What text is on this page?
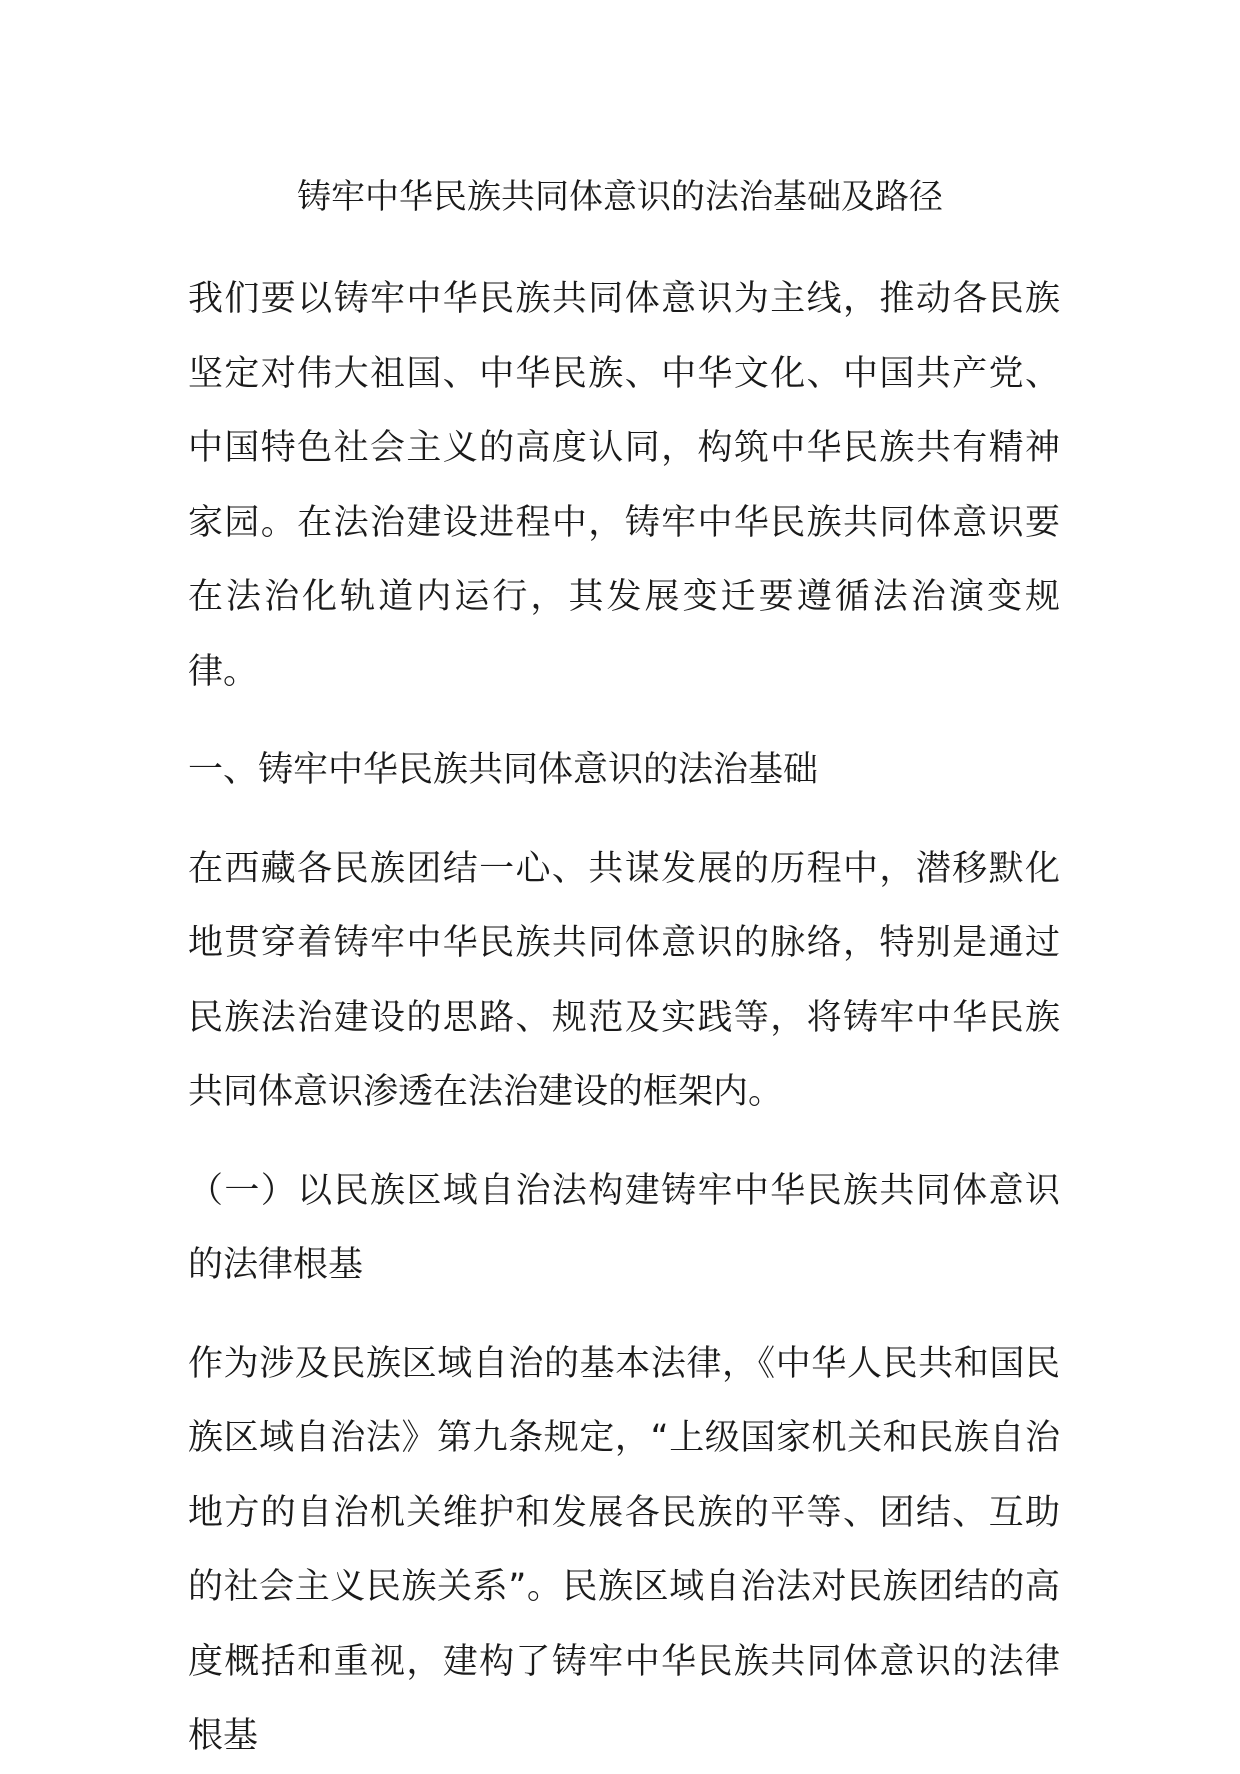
铸牢中华民族共同体意识的法治基础及路径

我们要以铸牢中华民族共同体意识为主线，推动各民族坚定对伟大祖国、中华民族、中华文化、中国共产党、中国特色社会主义的高度认同，构筑中华民族共有精神家园。在法治建设进程中，铸牢中华民族共同体意识要在法治化轨道内运行，其发展变迁要遵循法治演变规律。

一、铸牢中华民族共同体意识的法治基础

在西藏各民族团结一心、共谋发展的历程中，潜移默化地贯穿着铸牢中华民族共同体意识的脉络，特别是通过民族法治建设的思路、规范及实践等，将铸牢中华民族共同体意识渗透在法治建设的框架内。

（一）以民族区域自治法构建铸牢中华民族共同体意识的法律根基

作为涉及民族区域自治的基本法律，《中华人民共和国民族区域自治法》第九条规定，“上级国家机关和民族自治地方的自治机关维护和发展各民族的平等、团结、互助的社会主义民族关系”。民族区域自治法对民族团结的高度概括和重视，建构了铸牢中华民族共同体意识的法律根基
